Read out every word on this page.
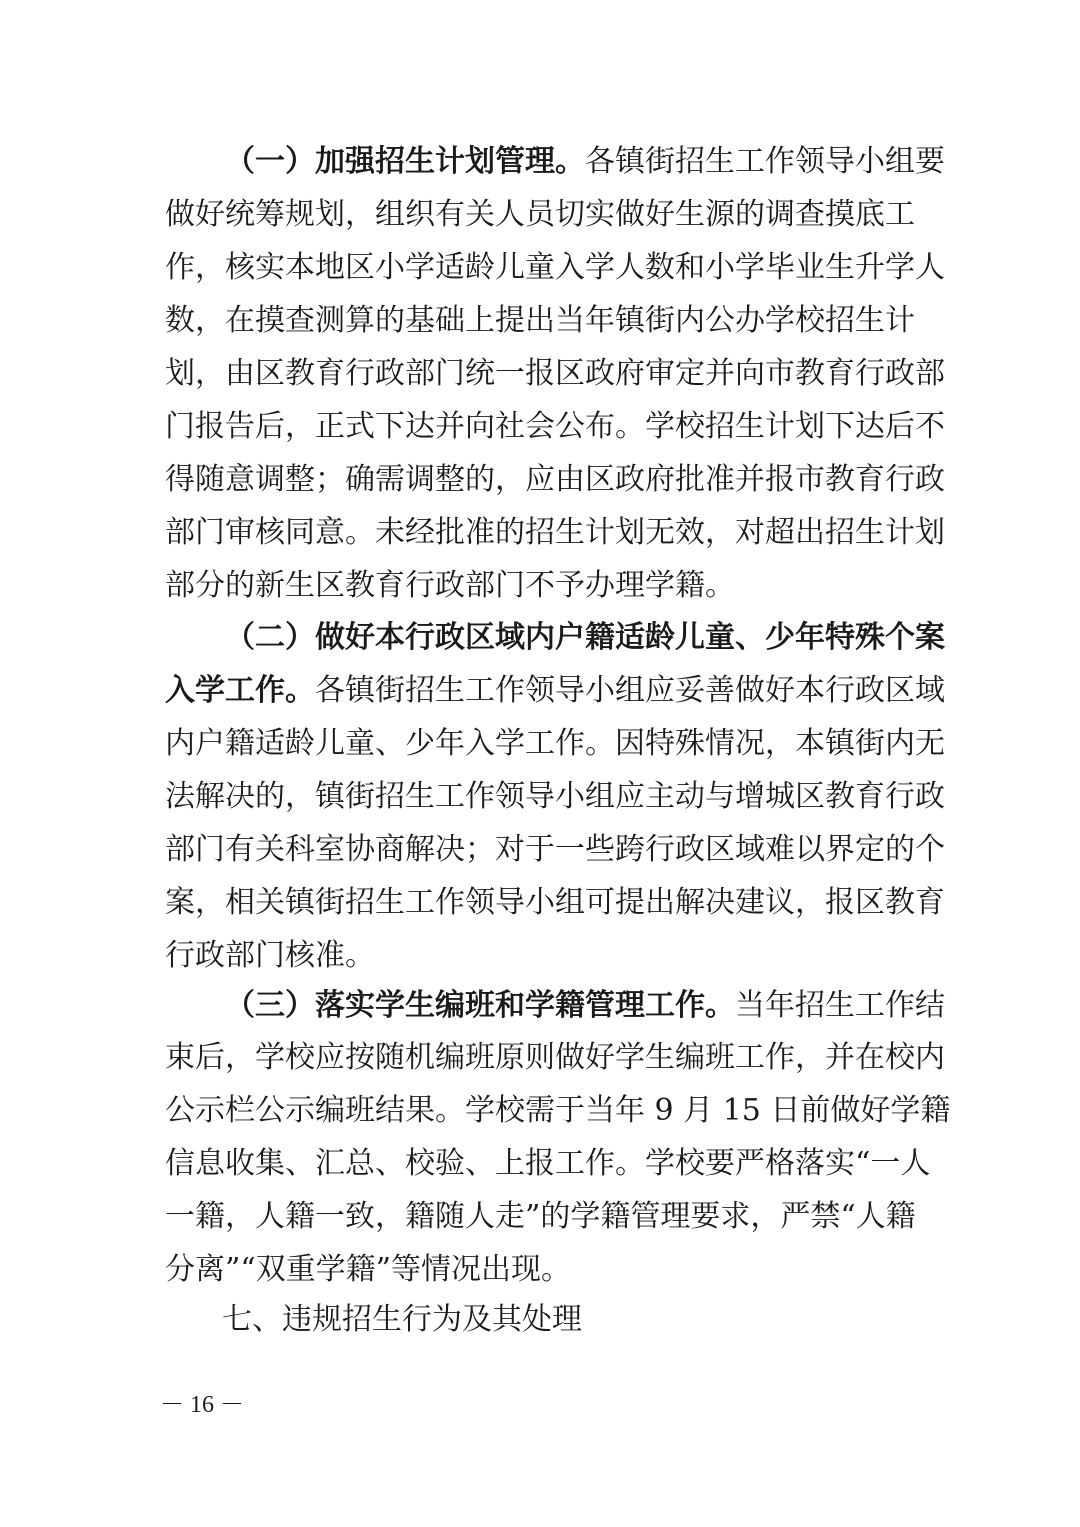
（一）加强招生计划管理。各镇街招生工作领导小组要
做好统筹规划，组织有关人员切实做好生源的调查摸底工
作，核实本地区小学适龄儿童入学人数和小学毕业生升学人
数，在摸查测算的基础上提出当年镇街内公办学校招生计
划，由区教育行政部门统一报区政府审定并向市教育行政部
门报告后，正式下达并向社会公布。学校招生计划下达后不
得随意调整；确需调整的，应由区政府批准并报市教育行政
部门审核同意。未经批准的招生计划无效，对超出招生计划
部分的新生区教育行政部门不予办理学籍。
（二）做好本行政区域内户籍适龄儿童、少年特殊个案
入学工作。各镇街招生工作领导小组应妥善做好本行政区域
内户籍适龄儿童、少年入学工作。因特殊情况，本镇街内无
法解决的，镇街招生工作领导小组应主动与增城区教育行政
部门有关科室协商解决；对于一些跨行政区域难以界定的个
案，相关镇街招生工作领导小组可提出解决建议，报区教育
行政部门核准。
（三）落实学生编班和学籍管理工作。当年招生工作结
束后，学校应按随机编班原则做好学生编班工作，并在校内
公示栏公示编班结果。学校需于当年 9 月 15 日前做好学籍
信息收集、汇总、校验、上报工作。学校要严格落实“一人
一籍，人籍一致，籍随人走”的学籍管理要求，严禁“人籍
分离”“双重学籍”等情况出现。
七、违规招生行为及其处理
－ 16 －
